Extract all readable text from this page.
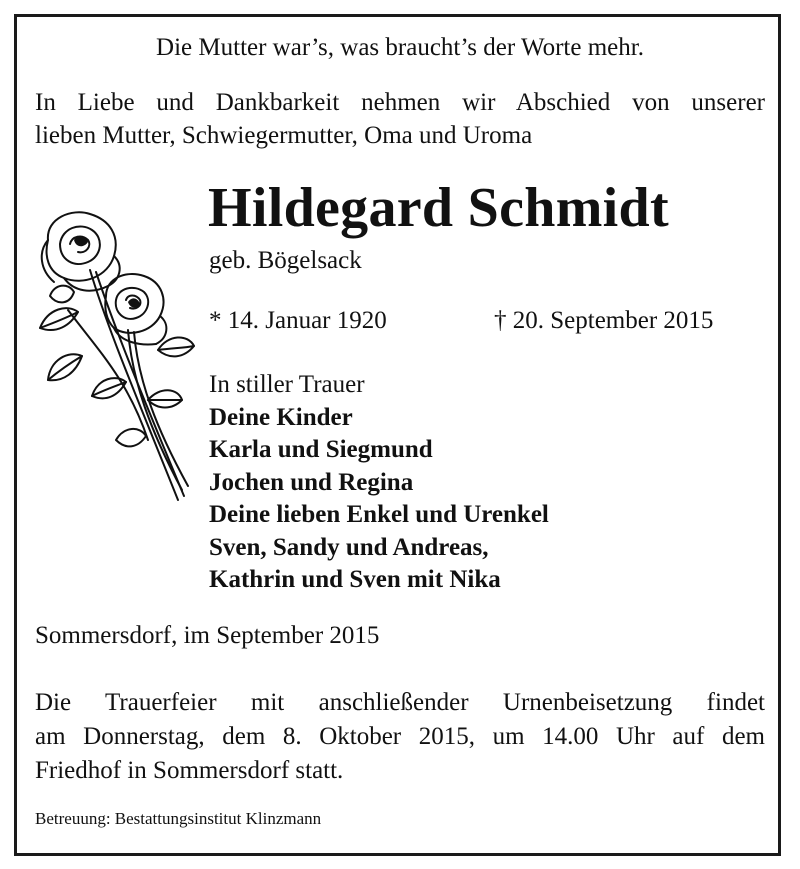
Die Mutter war’s, was braucht’s der Worte mehr.
In Liebe und Dankbarkeit nehmen wir Abschied von unserer
lieben Mutter, Schwiegermutter, Oma und Uroma
Hildegard Schmidt
geb. Bögelsack
* 14. Januar 1920	† 20. September 2015
In stiller Trauer
Deine Kinder
Karla und Siegmund
Jochen und Regina
Deine lieben Enkel und Urenkel
Sven, Sandy und Andreas,
Kathrin und Sven mit Nika
Sommersdorf, im September 2015
Die Trauerfeier mit anschließender Urnenbeisetzung findet
am Donnerstag, dem 8. Oktober 2015, um 14.00 Uhr auf dem
Friedhof in Sommersdorf statt.
Betreuung: Bestattungsinstitut Klinzmann
